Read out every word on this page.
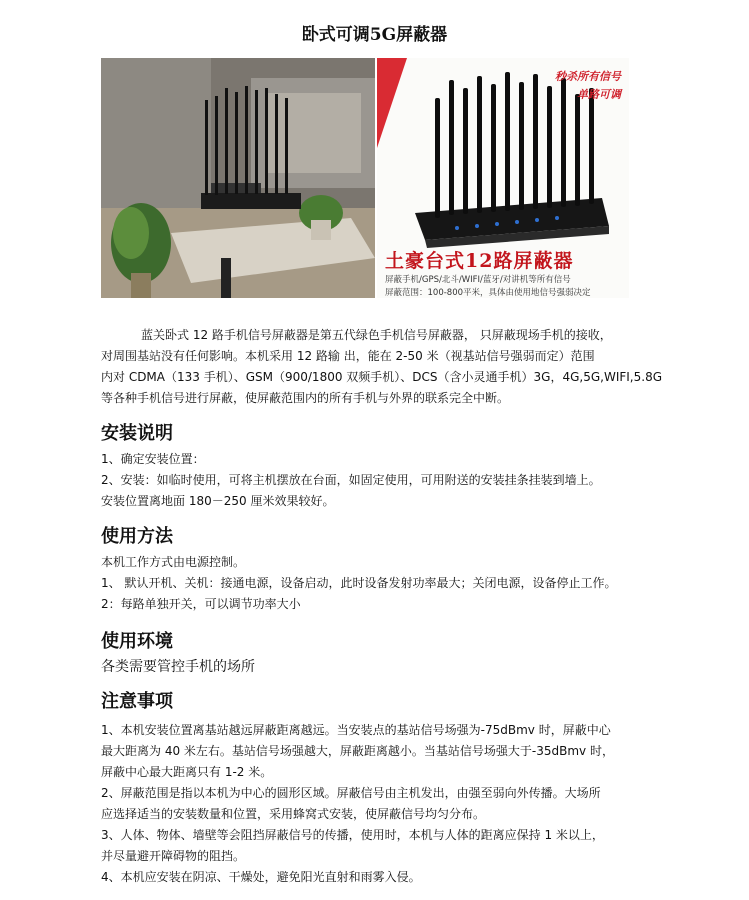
卧式可调5G屏蔽器
秒杀所有信号
单路可调
土豪台式12路屏蔽器
屏蔽手机/GPS/北斗/WIFI/蓝牙/对讲机等所有信号
屏蔽范围：100-800平米，具体由使用地信号强弱决定

蓝关卧式 12 路手机信号屏蔽器是第五代绿色手机信号屏蔽器， 只屏蔽现场手机的接收，

对周围基站没有任何影响。本机采用 12 路输 出，能在 2-50 米（视基站信号强弱而定）范围

内对 CDMA（133 手机）、GSM（900/1800 双频手机）、DCS（含小灵通手机）3G，4G,5G,WIFI,5.8G

等各种手机信号进行屏蔽，使屏蔽范围内的所有手机与外界的联系完全中断。

安装说明

1、确定安装位置：

2、安装：如临时使用，可将主机摆放在台面，如固定使用，可用附送的安装挂条挂装到墙上。

安装位置离地面 180－250 厘米效果较好。

使用方法

本机工作方式由电源控制。

1、 默认开机、关机：接通电源，设备启动，此时设备发射功率最大；关闭电源，设备停止工作。

2：每路单独开关，可以调节功率大小

使用环境

各类需要管控手机的场所

注意事项

1、本机安装位置离基站越远屏蔽距离越远。当安装点的基站信号场强为-75dBmv 时，屏蔽中心

最大距离为 40 米左右。基站信号场强越大，屏蔽距离越小。当基站信号场强大于-35dBmv 时，

屏蔽中心最大距离只有 1-2 米。

2、屏蔽范围是指以本机为中心的圆形区域。屏蔽信号由主机发出，由强至弱向外传播。大场所

应选择适当的安装数量和位置，采用蜂窝式安装，使屏蔽信号均匀分布。

3、人体、物体、墙壁等会阻挡屏蔽信号的传播，使用时，本机与人体的距离应保持 1 米以上，

并尽量避开障碍物的阻挡。

4、本机应安装在阴凉、干燥处，避免阳光直射和雨雾入侵。
